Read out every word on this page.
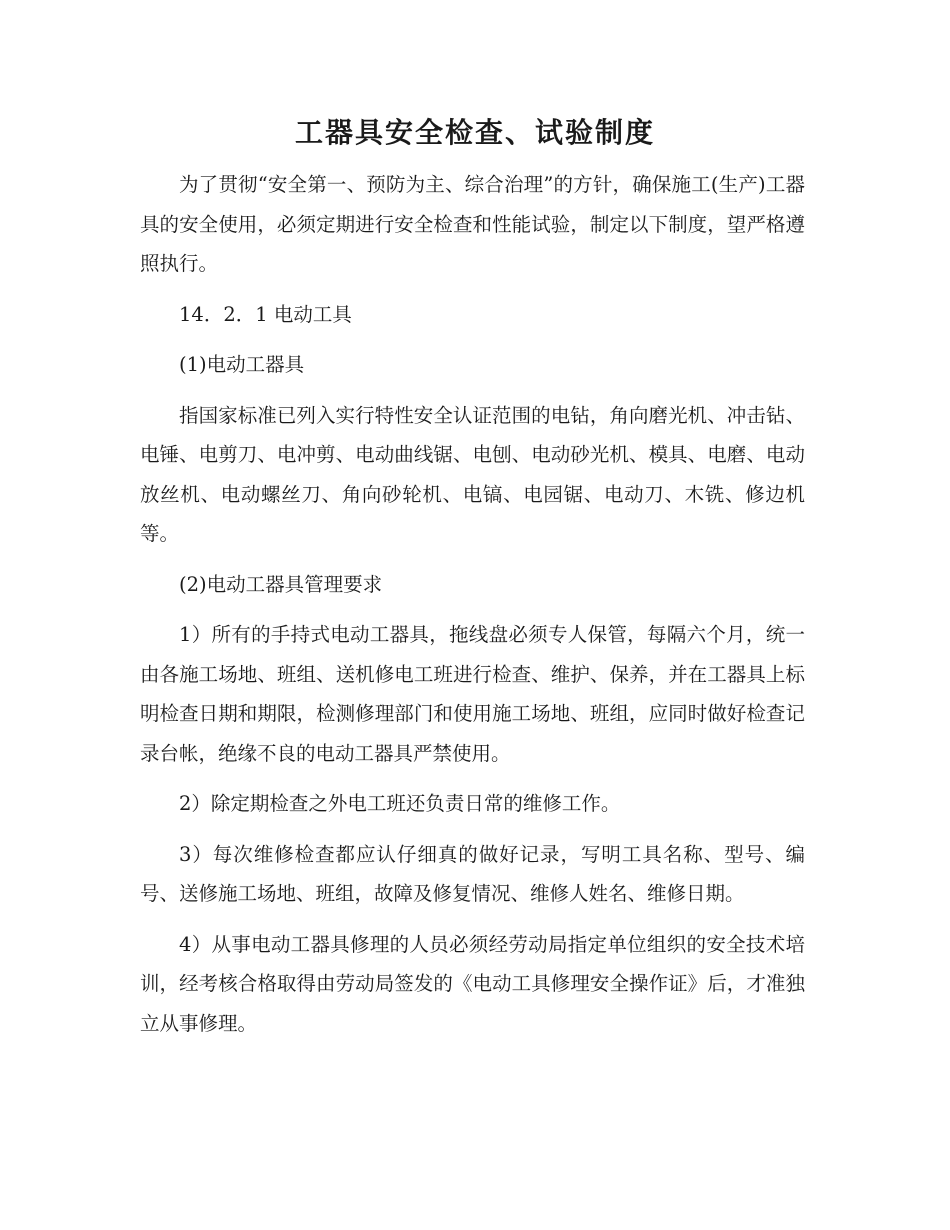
工器具安全检查、试验制度

为了贯彻“安全第一、预防为主、综合治理”的方针，确保施工(生产)工器具的安全使用，必须定期进行安全检查和性能试验，制定以下制度，望严格遵照执行。

14．2．1 电动工具

(1)电动工器具

指国家标准已列入实行特性安全认证范围的电钻，角向磨光机、冲击钻、电锤、电剪刀、电冲剪、电动曲线锯、电刨、电动砂光机、模具、电磨、电动放丝机、电动螺丝刀、角向砂轮机、电镐、电园锯、电动刀、木铣、修边机等。

(2)电动工器具管理要求

1）所有的手持式电动工器具，拖线盘必须专人保管，每隔六个月，统一由各施工场地、班组、送机修电工班进行检查、维护、保养，并在工器具上标明检查日期和期限，检测修理部门和使用施工场地、班组，应同时做好检查记录台帐，绝缘不良的电动工器具严禁使用。

2）除定期检查之外电工班还负责日常的维修工作。

3）每次维修检查都应认仔细真的做好记录，写明工具名称、型号、编号、送修施工场地、班组，故障及修复情况、维修人姓名、维修日期。

4）从事电动工器具修理的人员必须经劳动局指定单位组织的安全技术培训，经考核合格取得由劳动局签发的《电动工具修理安全操作证》后，才准独立从事修理。
